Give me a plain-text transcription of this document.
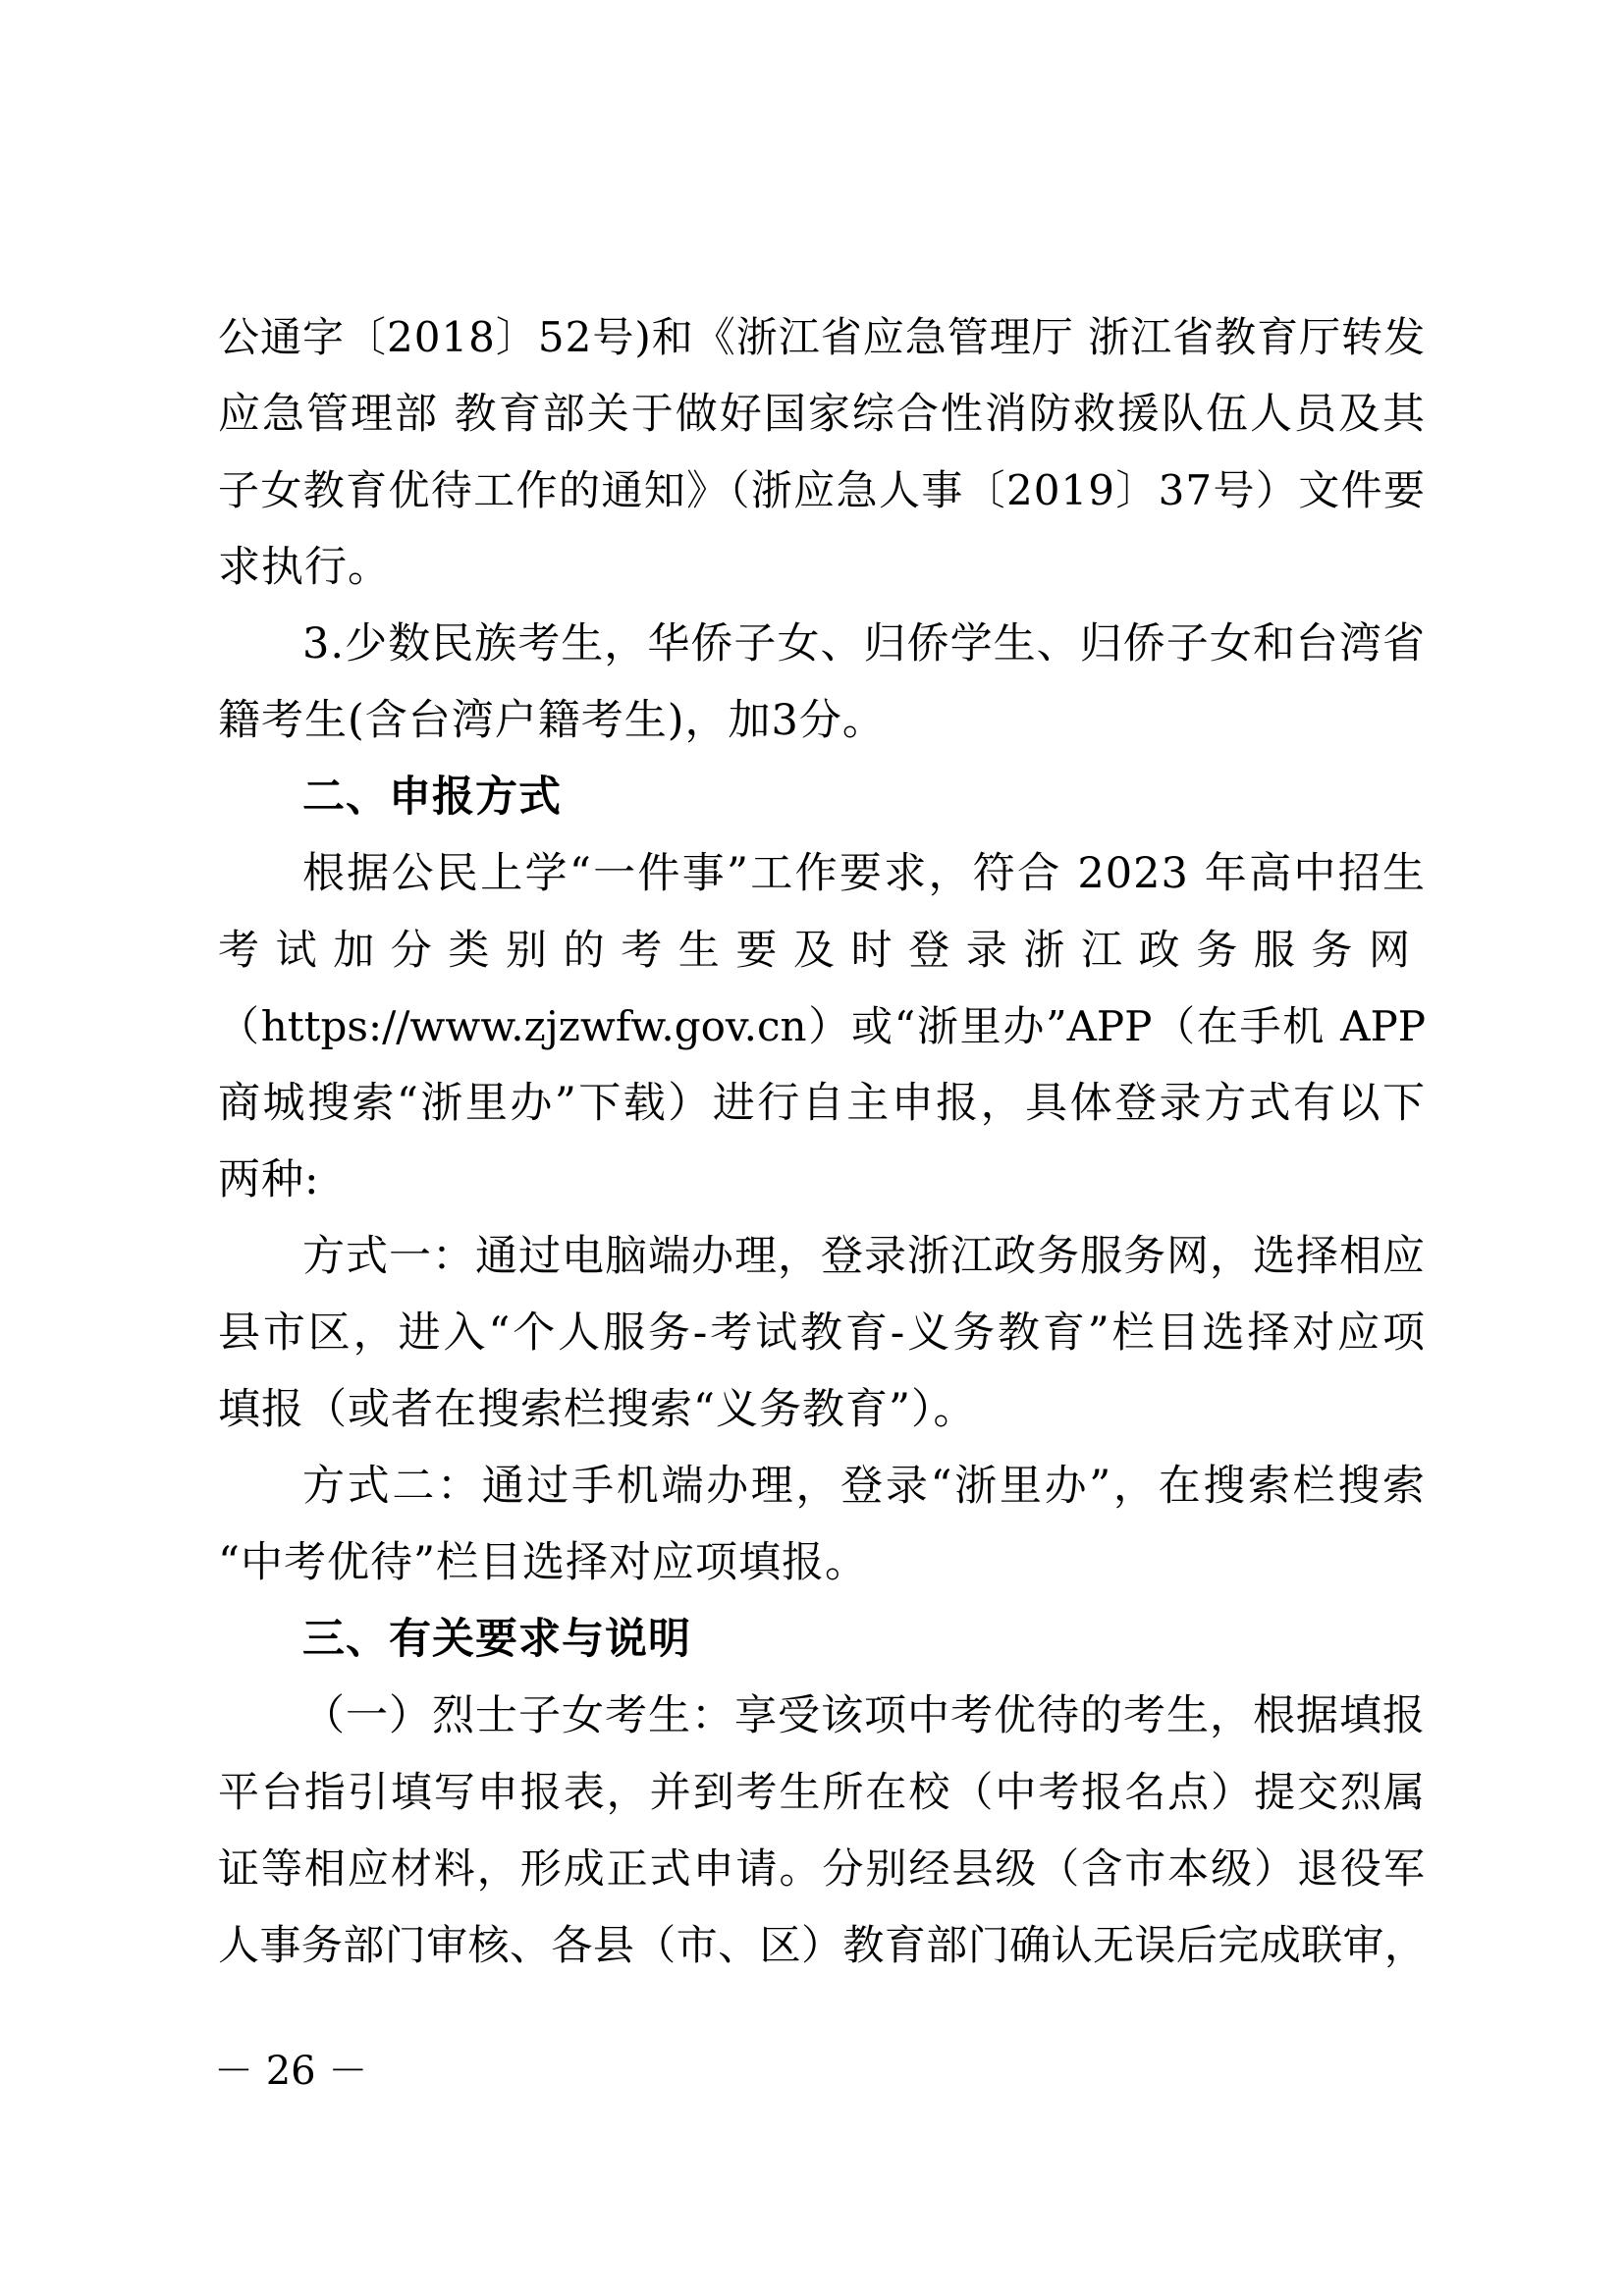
公通字〔2018〕52号)和《浙江省应急管理厅 浙江省教育厅转发
应急管理部 教育部关于做好国家综合性消防救援队伍人员及其
子女教育优待工作的通知》（浙应急人事〔2019〕37号）文件要
求执行。
3.少数民族考生，华侨子女、归侨学生、归侨子女和台湾省
籍考生(含台湾户籍考生)，加3分。
二、申报方式
根据公民上学“一件事”工作要求，符合 2023 年高中招生
考试加分类别的考生要及时登录浙江政务服务网
（https://www.zjzwfw.gov.cn）或“浙里办”APP（在手机 APP
商城搜索“浙里办”下载）进行自主申报，具体登录方式有以下
两种:
方式一：通过电脑端办理，登录浙江政务服务网，选择相应
县市区，进入“个人服务-考试教育-义务教育”栏目选择对应项
填报（或者在搜索栏搜索“义务教育”）。
方式二：通过手机端办理，登录“浙里办”，在搜索栏搜索
“中考优待”栏目选择对应项填报。
三、有关要求与说明
（一）烈士子女考生：享受该项中考优待的考生，根据填报
平台指引填写申报表，并到考生所在校（中考报名点）提交烈属
证等相应材料，形成正式申请。分别经县级（含市本级）退役军
人事务部门审核、各县（市、区）教育部门确认无误后完成联审，
－ 26 －
